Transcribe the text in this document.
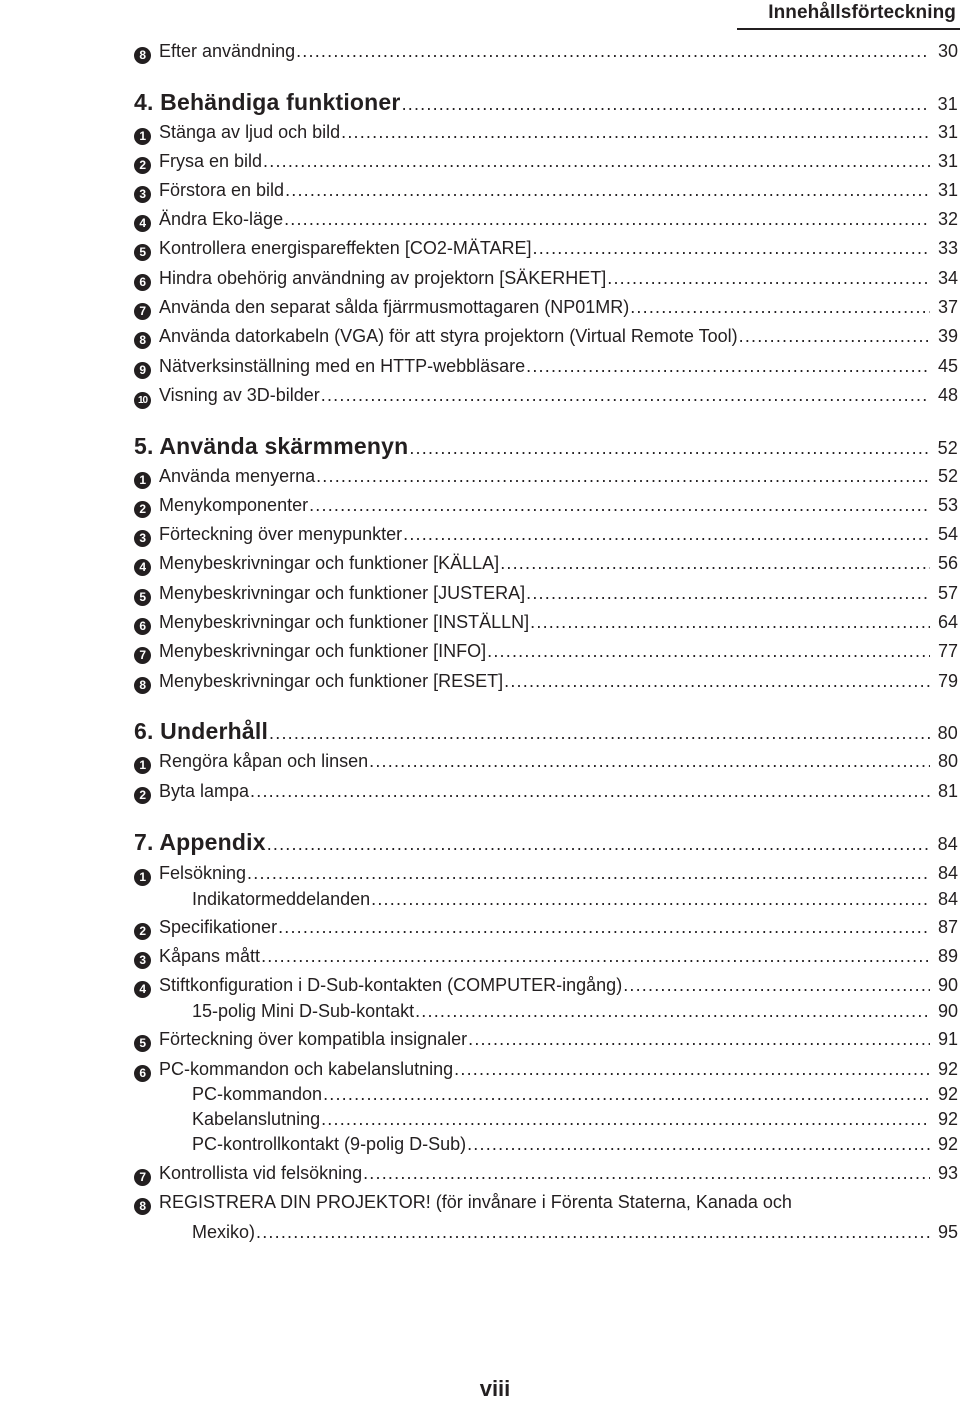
Innehållsförteckning
8 Efter användning .....	30
4. Behändiga funktioner .....	31
1 Stänga av ljud och bild .....	31
2 Frysa en bild .....	31
3 Förstora en bild .....	31
4 Ändra Eko-läge .....	32
5 Kontrollera energispareffekten [CO2-MÄTARE] .....	33
6 Hindra obehörig användning av projektorn [SÄKERHET] .....	34
7 Använda den separat sålda fjärrmusmottagaren (NP01MR) .....	37
8 Använda datorkabeln (VGA) för att styra projektorn (Virtual Remote Tool) .....	39
9 Nätverksinställning med en HTTP-webbläsare .....	45
10 Visning av 3D-bilder .....	48
5. Använda skärmmenyn .....	52
1 Använda menyerna .....	52
2 Menykomponenter .....	53
3 Förteckning över menypunkter .....	54
4 Menybeskrivningar och funktioner [KÄLLA] .....	56
5 Menybeskrivningar och funktioner [JUSTERA] .....	57
6 Menybeskrivningar och funktioner [INSTÄLLN] .....	64
7 Menybeskrivningar och funktioner [INFO] .....	77
8 Menybeskrivningar och funktioner [RESET] .....	79
6. Underhåll .....	80
1 Rengöra kåpan och linsen .....	80
2 Byta lampa .....	81
7. Appendix .....	84
1 Felsökning .....	84
Indikatormeddelanden .....	84
2 Specifikationer .....	87
3 Kåpans mått .....	89
4 Stiftkonfiguration i D-Sub-kontakten (COMPUTER-ingång) .....	90
15-polig Mini D-Sub-kontakt .....	90
5 Förteckning över kompatibla insignaler .....	91
6 PC-kommandon och kabelanslutning .....	92
PC-kommandon .....	92
Kabelanslutning .....	92
PC-kontrollkontakt (9-polig D-Sub) .....	92
7 Kontrollista vid felsökning .....	93
8 REGISTRERA DIN PROJEKTOR! (för invånare i Förenta Staterna, Kanada och
Mexiko) .....	95
viii
